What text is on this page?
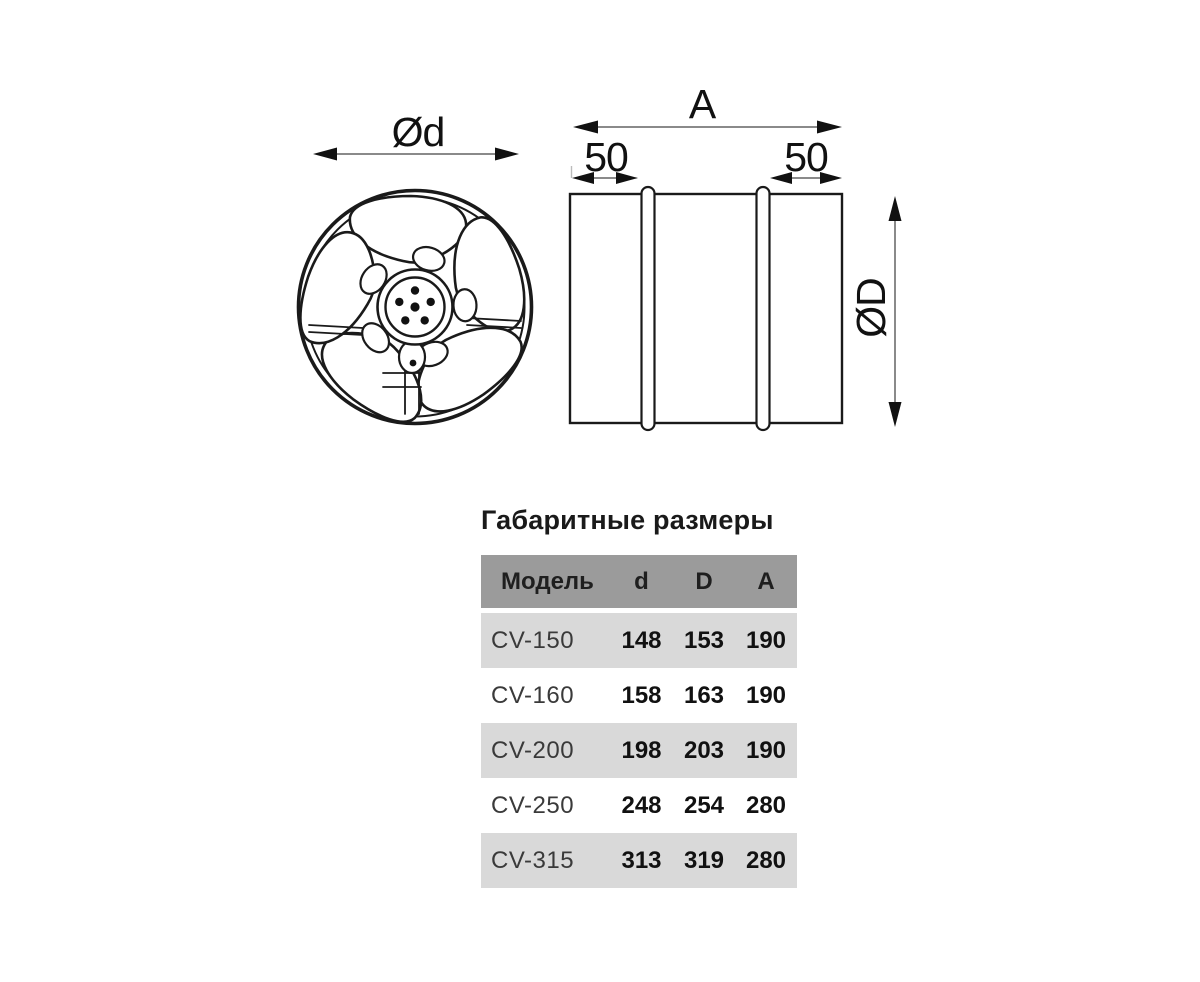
Ød
A
50	50
ØD
Габаритные размеры
Модель	d	D	A
CV-150	148	153	190
CV-160	158	163	190
CV-200	198	203	190
CV-250	248	254	280
CV-315	313	319	280
